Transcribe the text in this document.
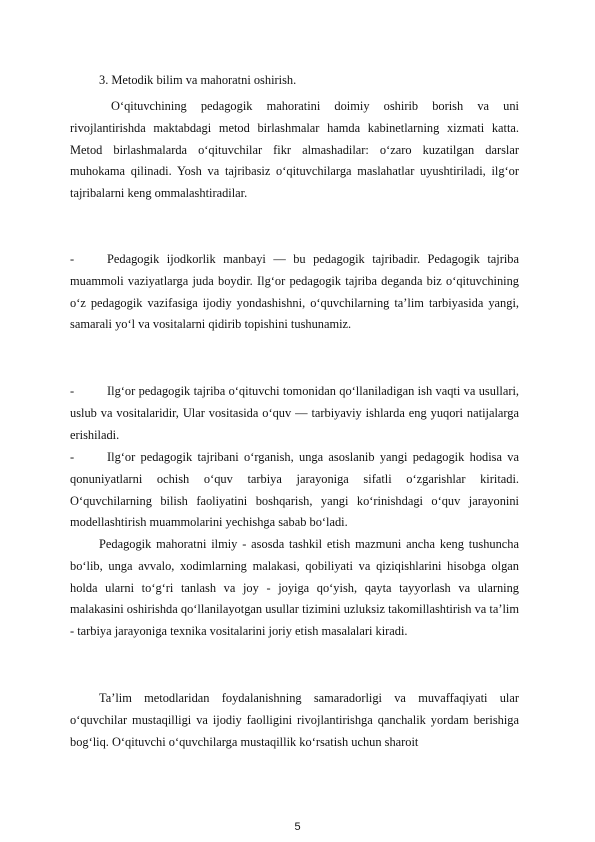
3. Metodik bilim va mahoratni oshirish.

O‘qituvchining pedagogik mahoratini doimiy oshirib borish va uni rivojlantirishda maktabdagi metod birlashmalar hamda kabinetlarning xizmati katta. Metod birlashmalarda o‘qituvchilar fikr almashadilar: o‘zaro kuzatilgan darslar muhokama qilinadi. Yosh va tajribasiz o‘qituvchilarga maslahatlar uyushtiriladi, ilg‘or tajribalarni keng ommalashtiradilar.

-	Pedagogik ijodkorlik manbayi — bu pedagogik tajribadir. Pedagogik tajriba muammoli vaziyatlarga juda boydir. Ilg‘or pedagogik tajriba deganda biz o‘qituvchining o‘z pedagogik vazifasiga ijodiy yondashishni, o‘quvchilarning ta’lim tarbiyasida yangi, samarali yo‘l va vositalarni qidirib topishini tushunamiz.
-	Ilg‘or pedagogik tajriba o‘qituvchi tomonidan qo‘llaniladigan ish vaqti va usullari, uslub va vositalaridir, Ular vositasida o‘quv — tarbiyaviy ishlarda eng yuqori natijalarga erishiladi.
-	Ilg‘or pedagogik tajribani o‘rganish, unga asoslanib yangi pedagogik hodisa va qonuniyatlarni ochish o‘quv tarbiya jarayoniga sifatli o‘zgarishlar kiritadi. O‘quvchilarning bilish faoliyatini boshqarish, yangi ko‘rinishdagi o‘quv jarayonini modellashtirish muammolarini yechishga sabab bo‘ladi.

Pedagogik mahoratni ilmiy - asosda tashkil etish mazmuni ancha keng tushuncha bo‘lib, unga avvalo, xodimlarning malakasi, qobiliyati va qiziqishlarini hisobga olgan holda ularni to‘g‘ri tanlash va joy - joyiga qo‘yish, qayta tayyorlash va ularning malakasini oshirishda qo‘llanilayotgan usullar tizimini uzluksiz takomillashtirish va ta’lim - tarbiya jarayoniga texnika vositalarini joriy etish masalalari kiradi.

Ta’lim metodlaridan foydalanishning samaradorligi va muvaffaqiyati ular o‘quvchilar mustaqilligi va ijodiy faolligini rivojlantirishga qanchalik yordam berishiga bog‘liq. O‘qituvchi o‘quvchilarga mustaqillik ko‘rsatish uchun sharoit

5
